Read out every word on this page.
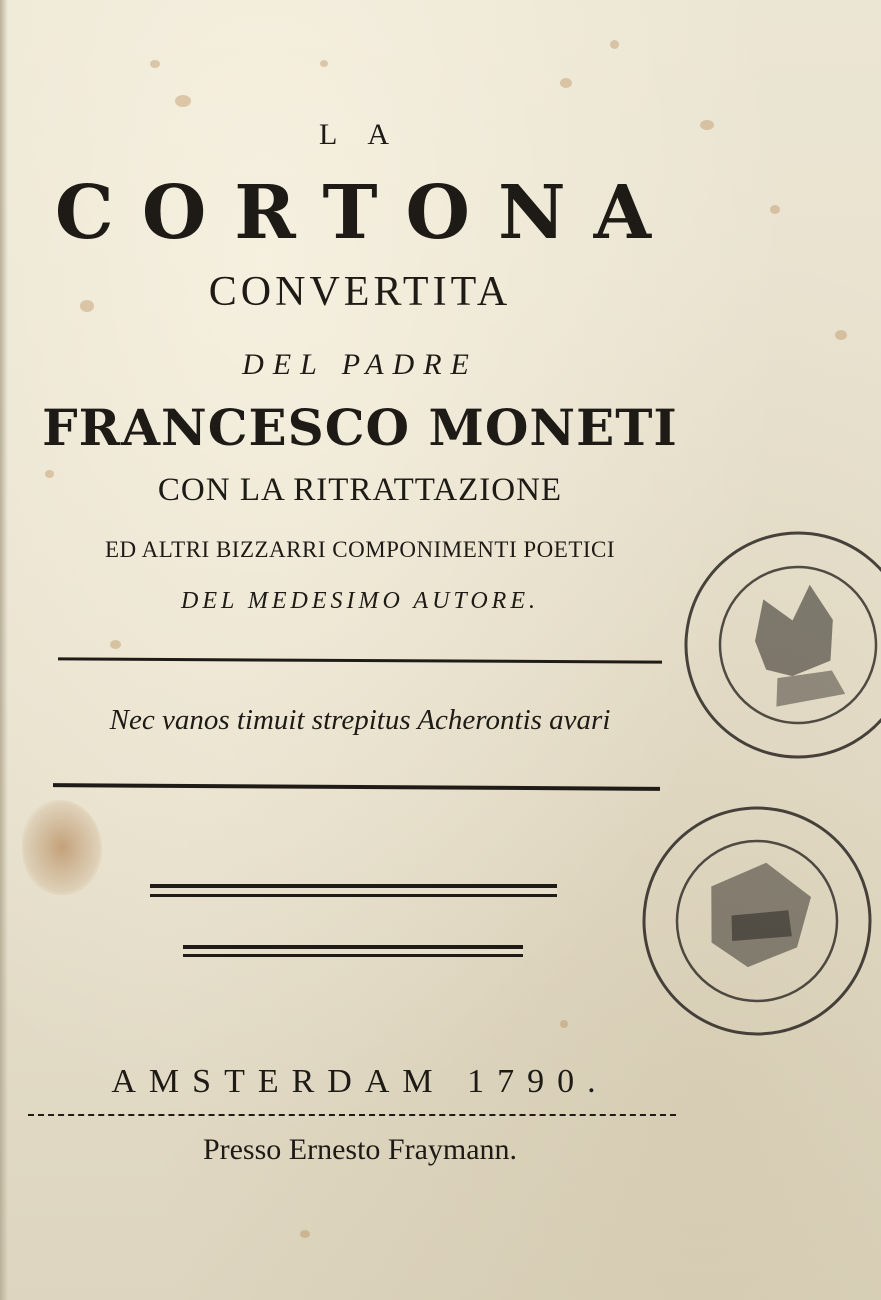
LA
CORTONA
CONVERTITA
DEL PADRE
FRANCESCO MONETI
CON LA RITRATTAZIONE
ED ALTRI BIZZARRI COMPONIMENTI POETICI
DEL MEDESIMO AUTORE.
Nec vanos timuit strepitus Acherontis avari
AMSTERDAM 1790.
Presso Ernesto Fraymann.
